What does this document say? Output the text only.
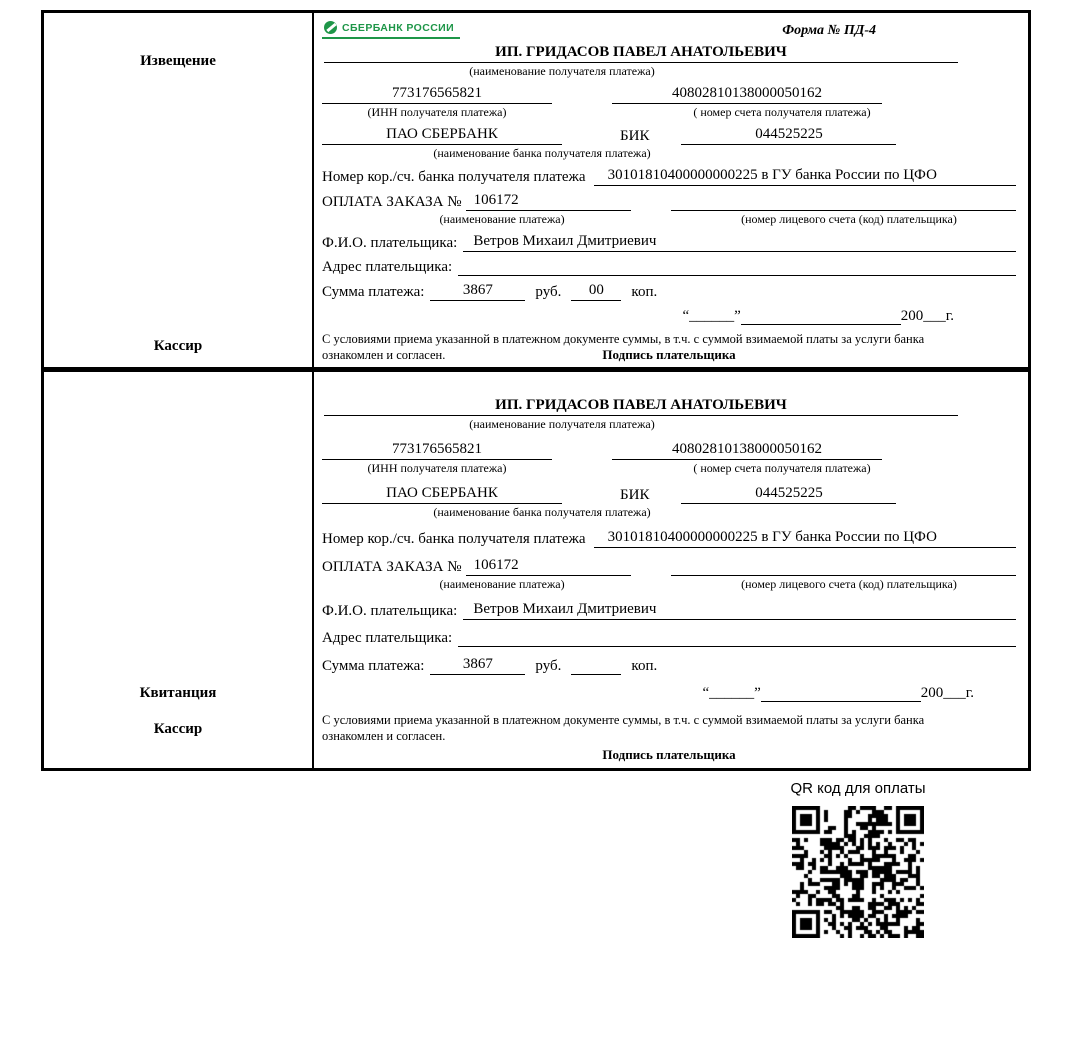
Извещение
Кассир
СБЕРБАНК РОССИИ	Форма № ПД-4
ИП. ГРИДАСОВ ПАВЕЛ АНАТОЛЬЕВИЧ
(наименование получателя платежа)
773176565821	40802810138000050162
(ИНН получателя платежа)	( номер счета получателя платежа)
ПАО СБЕРБАНК	БИК	044525225
(наименование банка получателя платежа)
Номер кор./сч. банка получателя платежа	30101810400000000225 в ГУ банка России по ЦФО
ОПЛАТА ЗАКАЗА № 106172
(наименование платежа)	(номер лицевого счета (код) плательщика)
Ф.И.О. плательщика:	Ветров Михаил Дмитриевич
Адрес плательщика:
Сумма платежа:	3867	руб.	00	коп.
“______”	200___г.
С условиями приема указанной в платежном документе суммы, в т.ч. с суммой взимаемой платы за услуги банка ознакомлен и согласен.	Подпись плательщика
Квитанция
Кассир
ИП. ГРИДАСОВ ПАВЕЛ АНАТОЛЬЕВИЧ
(наименование получателя платежа)
773176565821	40802810138000050162
(ИНН получателя платежа)	( номер счета получателя платежа)
ПАО СБЕРБАНК	БИК	044525225
(наименование банка получателя платежа)
Номер кор./сч. банка получателя платежа	30101810400000000225 в ГУ банка России по ЦФО
ОПЛАТА ЗАКАЗА № 106172
(наименование платежа)	(номер лицевого счета (код) плательщика)
Ф.И.О. плательщика:	Ветров Михаил Дмитриевич
Адрес плательщика:
Сумма платежа:	3867	руб.	коп.
“______”	200___г.
С условиями приема указанной в платежном документе суммы, в т.ч. с суммой взимаемой платы за услуги банка ознакомлен и согласен.
Подпись плательщика
QR код для оплаты
